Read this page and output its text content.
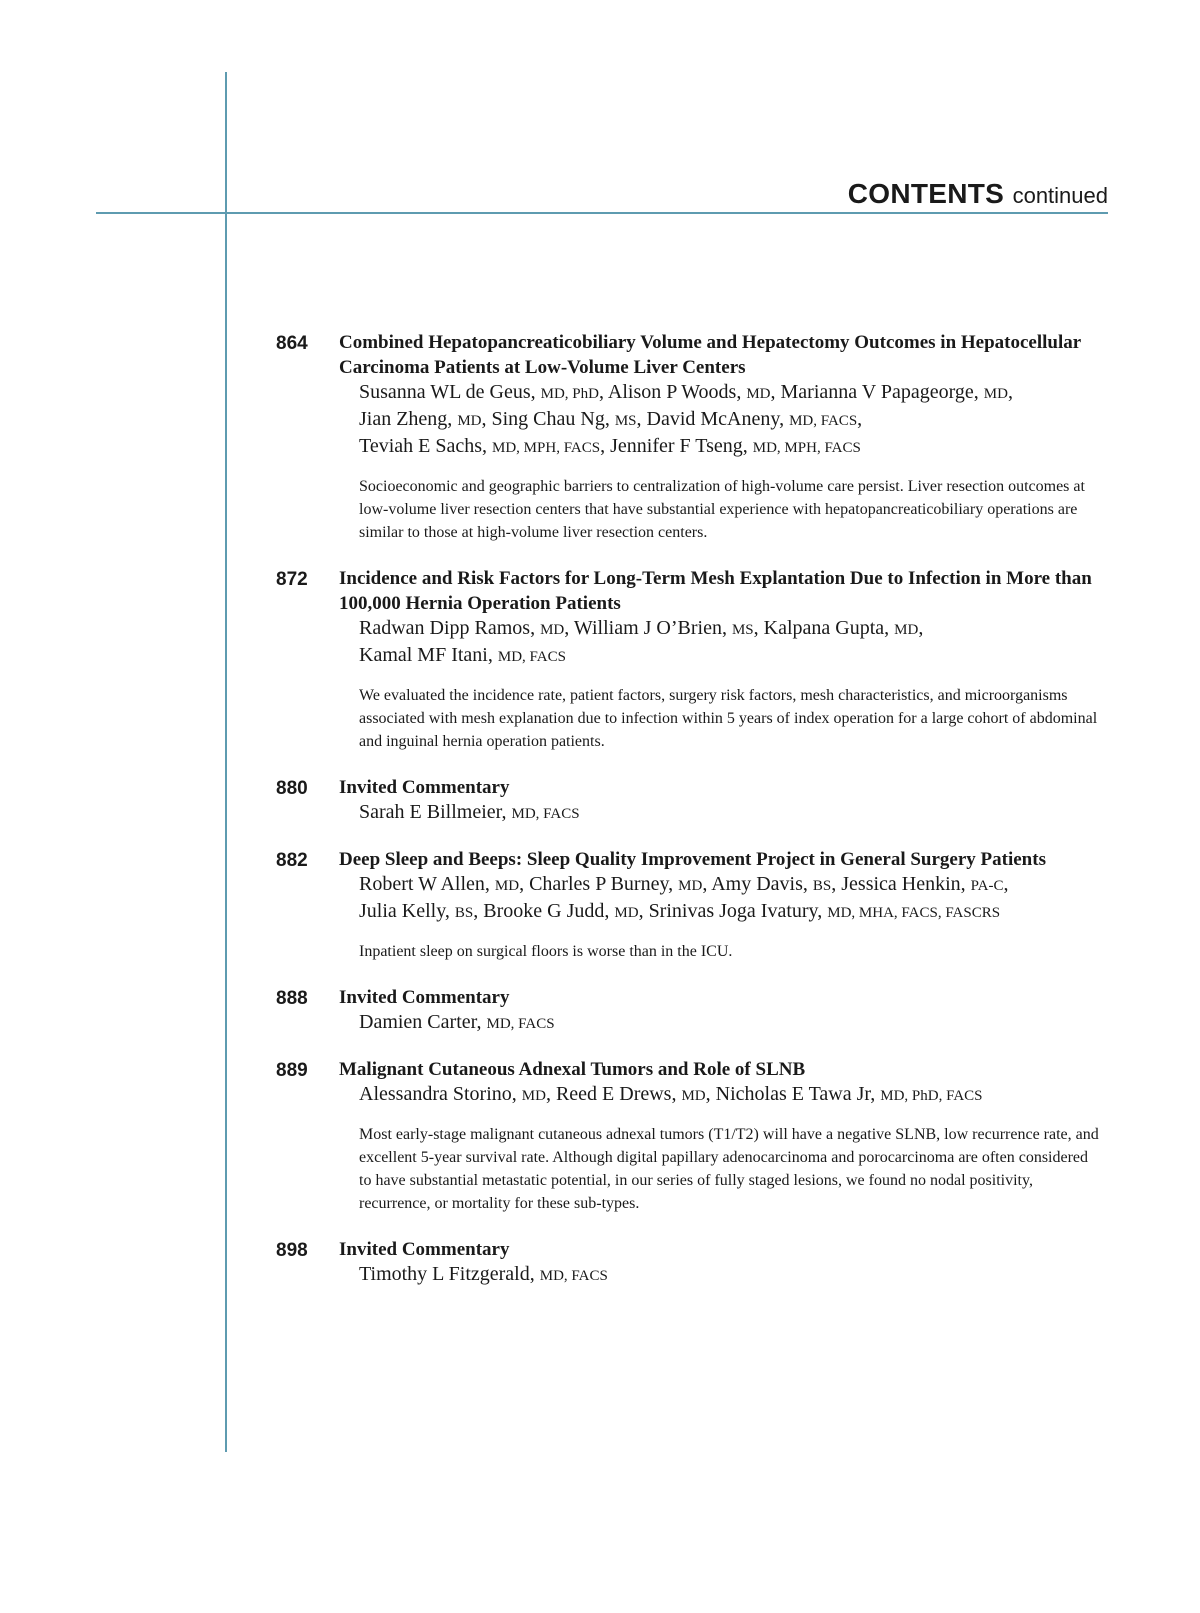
CONTENTS continued
864 Combined Hepatopancreaticobiliary Volume and Hepatectomy Outcomes in Hepatocellular Carcinoma Patients at Low-Volume Liver Centers
Susanna WL de Geus, MD, PhD, Alison P Woods, MD, Marianna V Papageorge, MD,
Jian Zheng, MD, Sing Chau Ng, MS, David McAneny, MD, FACS,
Teviah E Sachs, MD, MPH, FACS, Jennifer F Tseng, MD, MPH, FACS
Socioeconomic and geographic barriers to centralization of high-volume care persist. Liver resection outcomes at low-volume liver resection centers that have substantial experience with hepatopancreaticobiliary operations are similar to those at high-volume liver resection centers.
872 Incidence and Risk Factors for Long-Term Mesh Explantation Due to Infection in More than 100,000 Hernia Operation Patients
Radwan Dipp Ramos, MD, William J O’Brien, MS, Kalpana Gupta, MD,
Kamal MF Itani, MD, FACS
We evaluated the incidence rate, patient factors, surgery risk factors, mesh characteristics, and microorganisms associated with mesh explanation due to infection within 5 years of index operation for a large cohort of abdominal and inguinal hernia operation patients.
880 Invited Commentary
Sarah E Billmeier, MD, FACS
882 Deep Sleep and Beeps: Sleep Quality Improvement Project in General Surgery Patients
Robert W Allen, MD, Charles P Burney, MD, Amy Davis, BS, Jessica Henkin, PA-C,
Julia Kelly, BS, Brooke G Judd, MD, Srinivas Joga Ivatury, MD, MHA, FACS, FASCRS
Inpatient sleep on surgical floors is worse than in the ICU.
888 Invited Commentary
Damien Carter, MD, FACS
889 Malignant Cutaneous Adnexal Tumors and Role of SLNB
Alessandra Storino, MD, Reed E Drews, MD, Nicholas E Tawa Jr, MD, PhD, FACS
Most early-stage malignant cutaneous adnexal tumors (T1/T2) will have a negative SLNB, low recurrence rate, and excellent 5-year survival rate. Although digital papillary adenocarcinoma and porocarcinoma are often considered to have substantial metastatic potential, in our series of fully staged lesions, we found no nodal positivity, recurrence, or mortality for these sub-types.
898 Invited Commentary
Timothy L Fitzgerald, MD, FACS
